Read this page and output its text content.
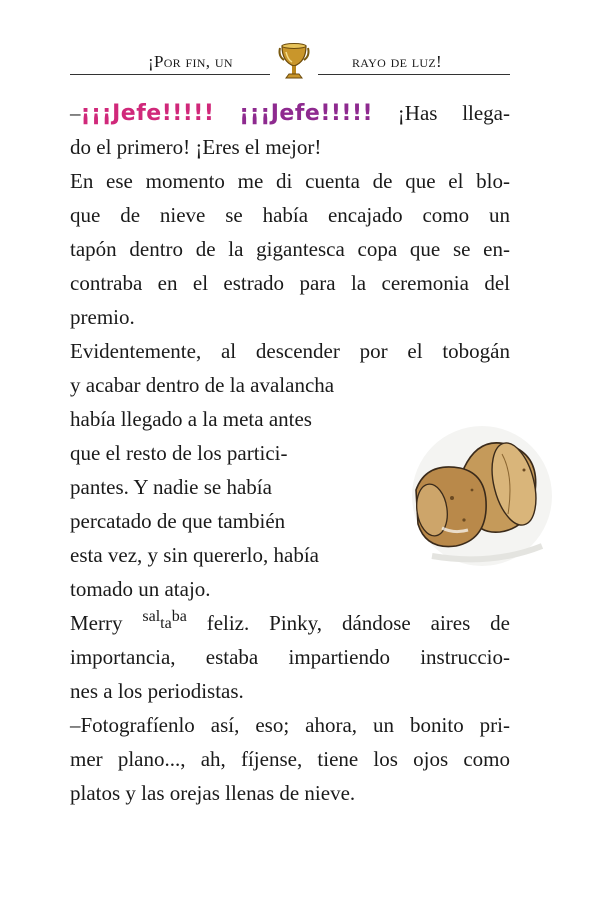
¡Por fin, un	rayo de luz!
–¡¡¡Jefe!!!!! ¡¡¡Jefe!!!!! ¡Has llega-
do el primero! ¡Eres el mejor!
En ese momento me di cuenta de que el blo-
que de nieve se había encajado como un
tapón dentro de la gigantesca copa que se en-
contraba en el estrado para la ceremonia del
premio.
Evidentemente, al descender por el tobogán
y acabar dentro de la avalancha
había llegado a la meta antes
que el resto de los partici-
pantes. Y nadie se había
percatado de que también
esta vez, y sin quererlo, había
tomado un atajo.
Merry $^{sal}ta^{ba}$ feliz. Pinky, dándose aires de
importancia, estaba impartiendo instruccio-
nes a los periodistas.
–Fotografíenlo así, eso; ahora, un bonito pri-
mer plano..., ah, fíjense, tiene los ojos como
platos y las orejas llenas de nieve.
